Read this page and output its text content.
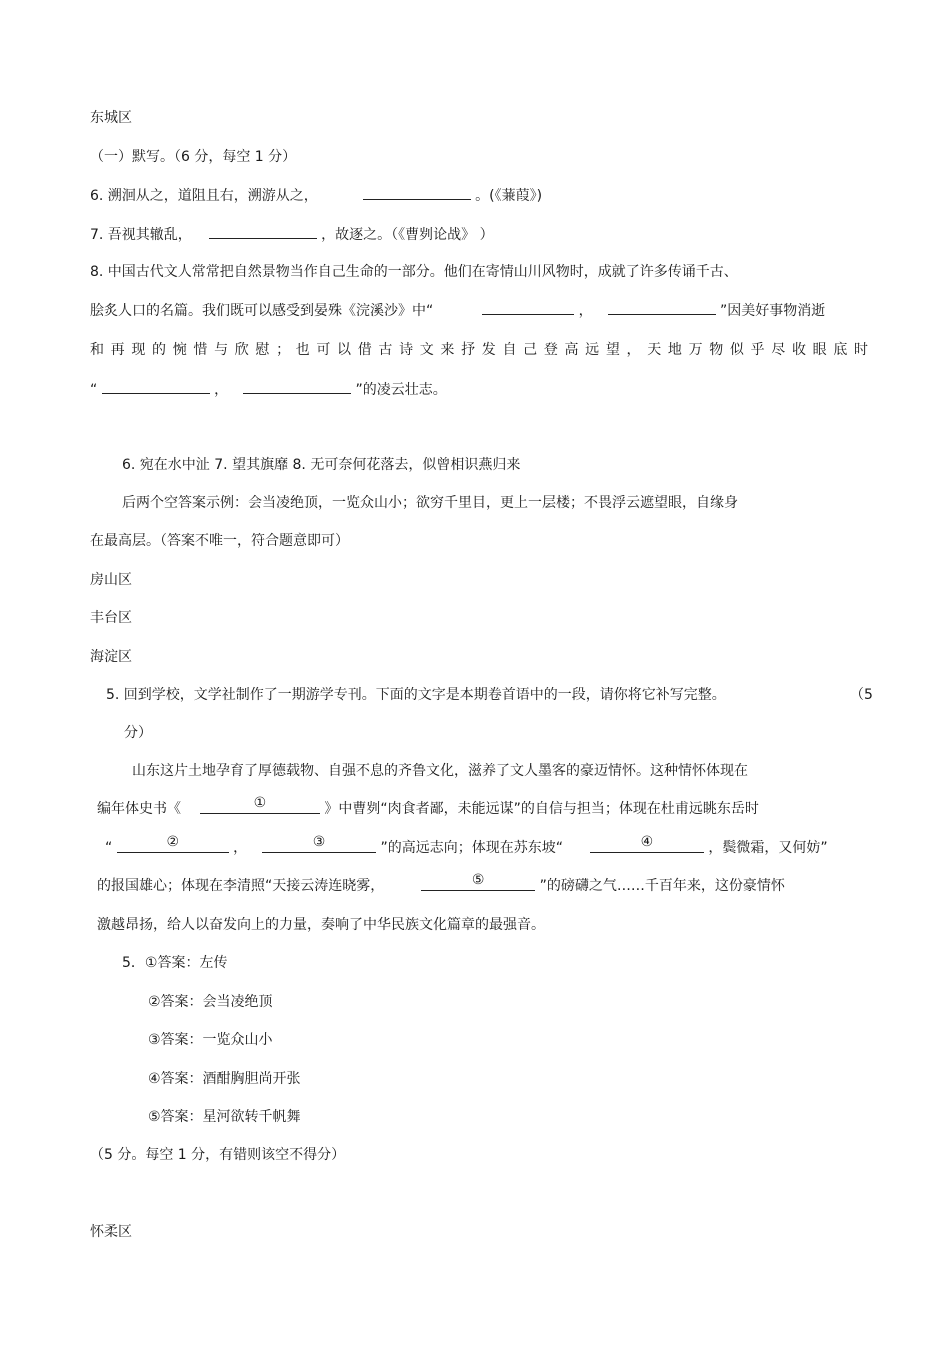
东城区
（一）默写。（6 分，每空 1 分）
6. 溯洄从之，道阻且右，溯游从之，	。(《蒹葭》)
7. 吾视其辙乱，	，故逐之。（《曹刿论战》 ）
8. 中国古代文人常常把自然景物当作自己生命的一部分。他们在寄情山川风物时，成就了许多传诵千古、
脍炙人口的名篇。我们既可以感受到晏殊《浣溪沙》中“	，	”因美好事物消逝
和 再 现 的 惋 惜 与 欣 慰 ； 也 可 以 借 古 诗 文 来 抒 发 自 己 登 高 远 望 ， 天 地 万 物 似 乎 尽 收 眼 底 时
“	，	”的凌云壮志。
6. 宛在水中沚 7. 望其旗靡 8. 无可奈何花落去，似曾相识燕归来
后两个空答案示例：会当凌绝顶，一览众山小；欲穷千里目，更上一层楼；不畏浮云遮望眼，自缘身
在最高层。（答案不唯一，符合题意即可）
房山区
丰台区
海淀区
5. 回到学校，文学社制作了一期游学专刊。下面的文字是本期卷首语中的一段，请你将它补写完整。	（5
分）
山东这片土地孕育了厚德载物、自强不息的齐鲁文化，滋养了文人墨客的豪迈情怀。这种情怀体现在
编年体史书《	①	》中曹刿“肉食者鄙，未能远谋”的自信与担当；体现在杜甫远眺东岳时
“	②	，	③	”的高远志向；体现在苏东坡“	④	，鬓微霜，又何妨”
的报国雄心；体现在李清照“天接云涛连晓雾，	⑤	”的磅礴之气……千百年来，这份豪情怀
激越昂扬，给人以奋发向上的力量，奏响了中华民族文化篇章的最强音。
5．①答案：左传
②答案：会当凌绝顶
③答案：一览众山小
④答案：酒酣胸胆尚开张
⑤答案：星河欲转千帆舞
（5 分。每空 1 分，有错则该空不得分）
怀柔区
